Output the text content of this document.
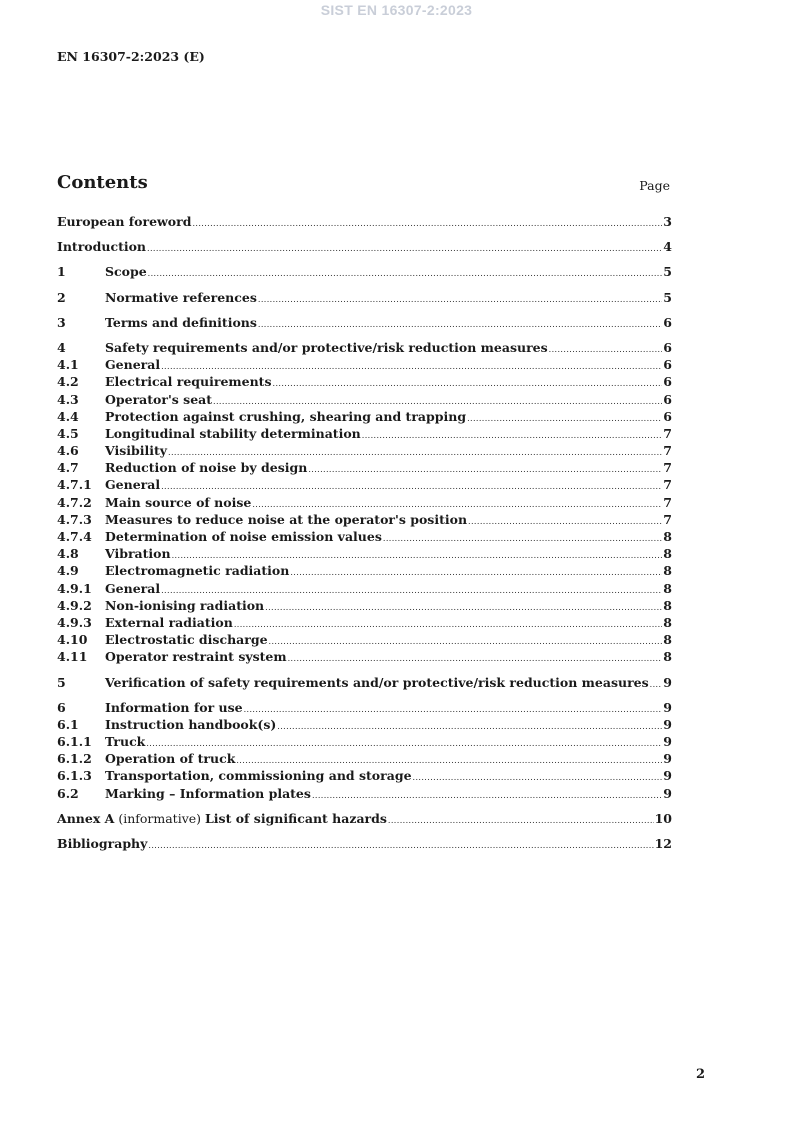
SIST EN 16307-2:2023
EN 16307-2:2023 (E)
Contents	Page
European foreword .....	3
Introduction .....	4
1	Scope .....	5
2	Normative references .....	5
3	Terms and definitions .....	6
4	Safety requirements and/or protective/risk reduction measures .....	6
4.1	General .....	6
4.2	Electrical requirements .....	6
4.3	Operator's seat .....	6
4.4	Protection against crushing, shearing and trapping .....	6
4.5	Longitudinal stability determination .....	7
4.6	Visibility .....	7
4.7	Reduction of noise by design .....	7
4.7.1	General .....	7
4.7.2	Main source of noise .....	7
4.7.3	Measures to reduce noise at the operator's position .....	7
4.7.4	Determination of noise emission values .....	8
4.8	Vibration .....	8
4.9	Electromagnetic radiation .....	8
4.9.1	General .....	8
4.9.2	Non-ionising radiation .....	8
4.9.3	External radiation .....	8
4.10	Electrostatic discharge .....	8
4.11	Operator restraint system .....	8
5	Verification of safety requirements and/or protective/risk reduction measures ..... 9
6	Information for use .....	9
6.1	Instruction handbook(s) .....	9
6.1.1	Truck .....	9
6.1.2	Operation of truck .....	9
6.1.3	Transportation, commissioning and storage .....	9
6.2	Marking – Information plates .....	9
Annex A (informative) List of significant hazards .....	10
Bibliography .....	12
2
